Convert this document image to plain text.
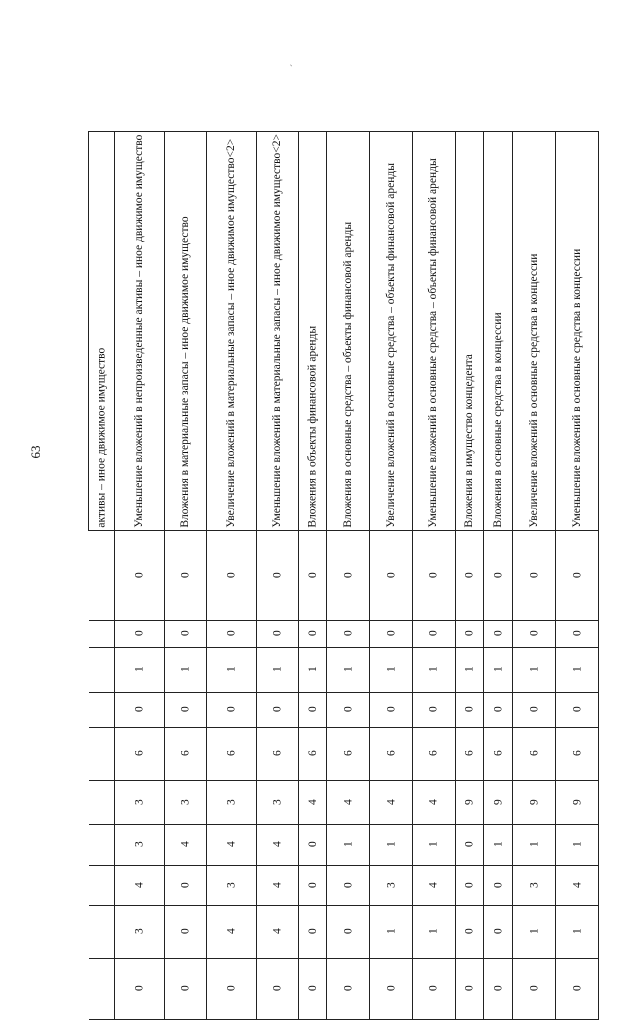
63
ˊ
активы – иное движимое имущество	Уменьшение вложений в непроизведенные активы – иное движимое имущество	Вложения в материальные запасы – иное движимое имущество	Увеличение вложений в материальные запасы – иное движимое имущество<2>	Уменьшение вложений в материальные запасы – иное движимое имущество<2>	Вложения в объекты финансовой аренды	Вложения в основные средства – объекты финансовой аренды	Увеличение вложений в основные средства – объекты финансовой аренды	Уменьшение вложений в основные средства – объекты финансовой аренды	Вложения в имущество концедента	Вложения в основные средства в концессии	Увеличение вложений в основные средства в концессии	Уменьшение вложений в основные средства в концессии
	0	0	0	0	0	0	0	0	0	0	0	0
	0	0	0	0	0	0	0	0	0	0	0	0
	1	1	1	1	1	1	1	1	1	1	1	1
	0	0	0	0	0	0	0	0	0	0	0	0
	6	6	6	6	6	6	6	6	6	6	6	6
	3	3	3	3	4	4	4	4	9	9	9	9
	3	4	4	4	0	1	1	1	0	1	1	1
	4	0	3	4	0	0	3	4	0	0	3	4
	3	0	4	4	0	0	1	1	0	0	1	1
	0	0	0	0	0	0	0	0	0	0	0	0
